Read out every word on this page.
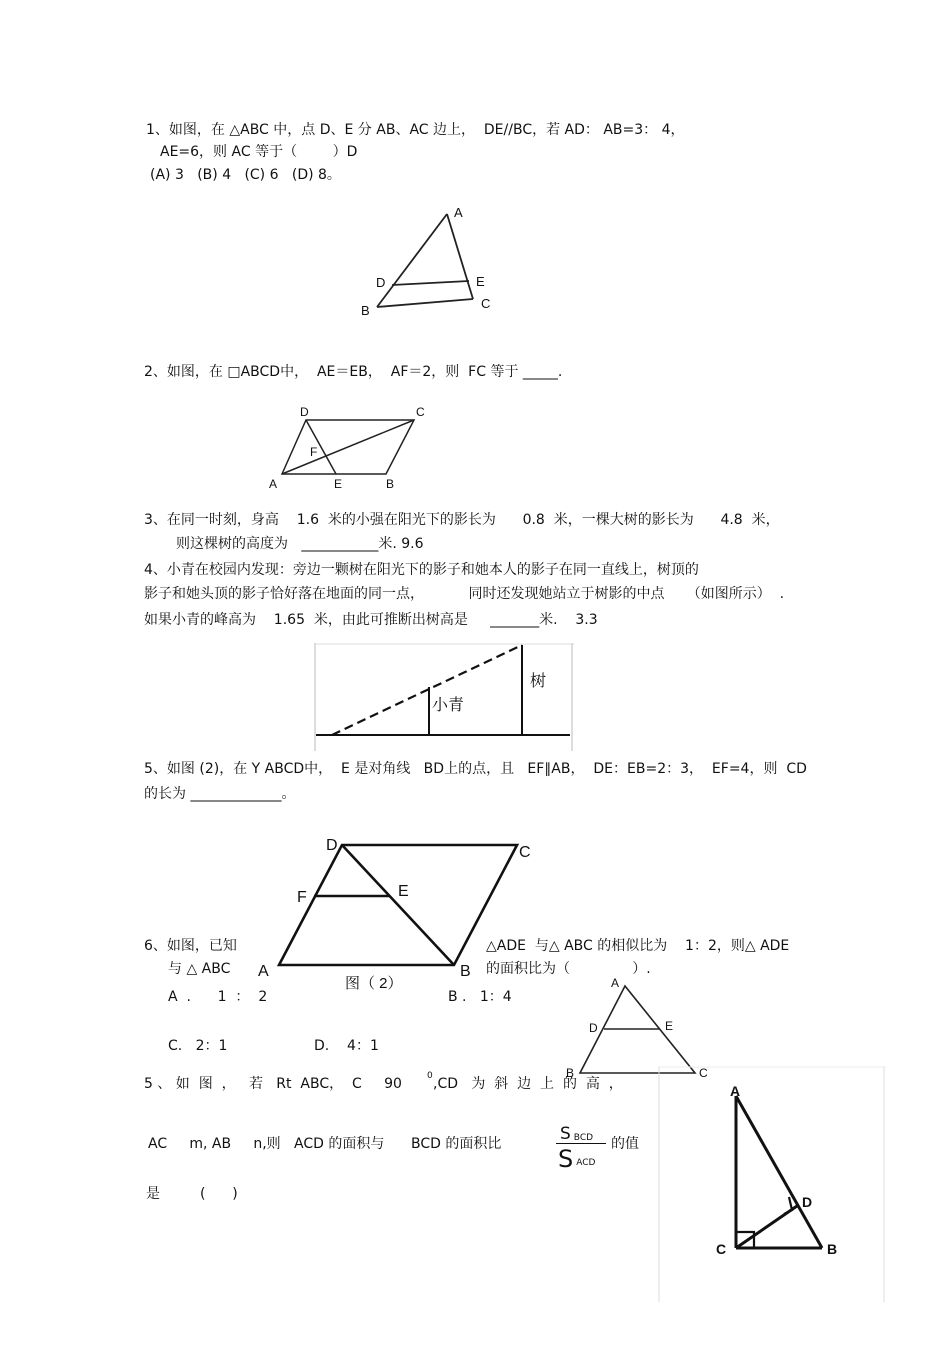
1、如图，在 △ABC 中，点 D、E 分 AB、AC 边上，  DE//BC，若 AD： AB=3： 4，
AE=6，则 AC 等于（        ）D
(A) 3   (B) 4   (C) 6   (D) 8。
A
D	E
C
B
2、如图，在 □ABCD中，  AE＝EB，  AF＝2，则  FC 等于 _____.
D	C
F
A	E	B
3、在同一时刻，身高    1.6  米的小强在阳光下的影长为      0.8  米，一棵大树的影长为      4.8  米，
则这棵树的高度为   ___________米. 9.6
4、小青在校园内发现：旁边一颗树在阳光下的影子和她本人的影子在同一直线上，树顶的
影子和她头顶的影子恰好落在地面的同一点，          同时还发现她站立于树影的中点     （如图所示）  .
如果小青的峰高为    1.65  米，由此可推断出树高是     _______米.    3.3
小青
树
5、如图 (2)，在 Y ABCD中，  E 是对角线   BD上的点，且   EF∥AB，  DE：EB=2：3，  EF=4，则  CD
的长为 _____________。
D	C
E
F
A	B
图（ 2）
6、如图，已知	△ADE  与△ ABC 的相似比为    1：2，则△ ADE
与 △ ABC	的面积比为（              ）.
A  .      1  ：  2	B .   1：4
C.   2：1	D.    4：1
A
D	E
B	C
5 、 如  图  ，   若   Rt  ABC，  C     90	0 ,CD   为  斜  边  上  的  高  ，
AC     m, AB     n,则   ACD 的面积与      BCD 的面积比	SBCD
SACD
的值
是         (      )
A
D
C	B
